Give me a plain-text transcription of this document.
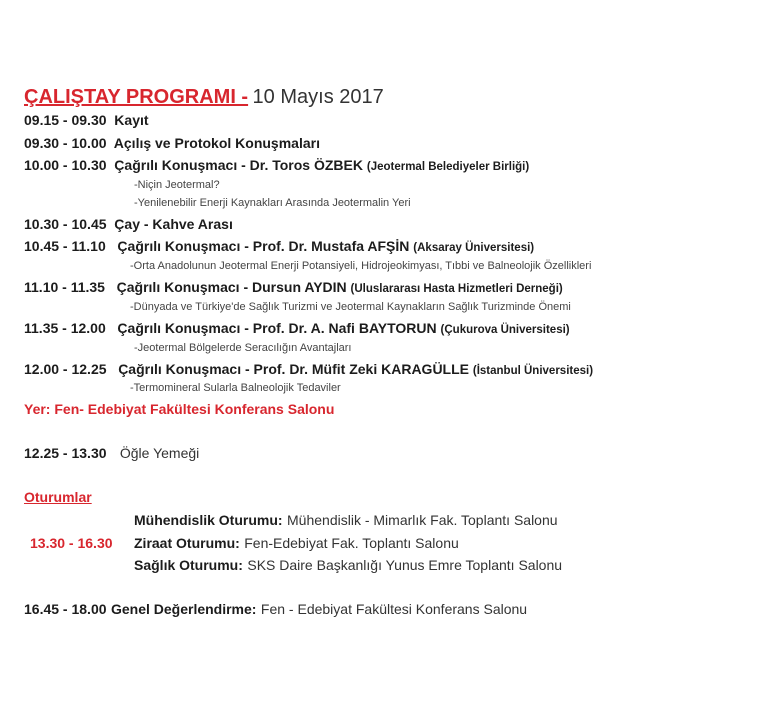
ÇALIŞTAY PROGRAMI - 10 Mayıs 2017
09.15 - 09.30 Kayıt
09.30 - 10.00 Açılış ve Protokol Konuşmaları
10.00 - 10.30 Çağrılı Konuşmacı - Dr. Toros ÖZBEK (Jeotermal Belediyeler Birliği)
-Niçin Jeotermal?
-Yenilenebilir Enerji Kaynakları Arasında Jeotermalin Yeri
10.30 - 10.45 Çay - Kahve Arası
10.45 - 11.10 Çağrılı Konuşmacı - Prof. Dr. Mustafa AFŞİN (Aksaray Üniversitesi)
-Orta Anadolunun Jeotermal Enerji Potansiyeli, Hidrojeokimyası, Tıbbi ve Balneolojik Özellikleri
11.10 - 11.35 Çağrılı Konuşmacı - Dursun AYDIN (Uluslararası Hasta Hizmetleri Derneği)
-Dünyada ve Türkiye'de Sağlık Turizmi ve Jeotermal Kaynakların Sağlık Turizminde Önemi
11.35 - 12.00 Çağrılı Konuşmacı - Prof. Dr. A. Nafi BAYTORUN (Çukurova Üniversitesi)
-Jeotermal Bölgelerde Seracılığın Avantajları
12.00 - 12.25 Çağrılı Konuşmacı - Prof. Dr. Müfit Zeki KARAGÜLLE (İstanbul Üniversitesi)
-Termomineral Sularla Balneolojik Tedaviler
Yer: Fen- Edebiyat Fakültesi Konferans Salonu
12.25 - 13.30 Öğle Yemeği
Oturumlar
Mühendislik Oturumu: Mühendislik - Mimarlık Fak. Toplantı Salonu
13.30 - 16.30 Ziraat Oturumu: Fen-Edebiyat Fak. Toplantı Salonu
Sağlık Oturumu: SKS Daire Başkanlığı Yunus Emre Toplantı Salonu
16.45 - 18.00 Genel Değerlendirme: Fen - Edebiyat Fakültesi Konferans Salonu
